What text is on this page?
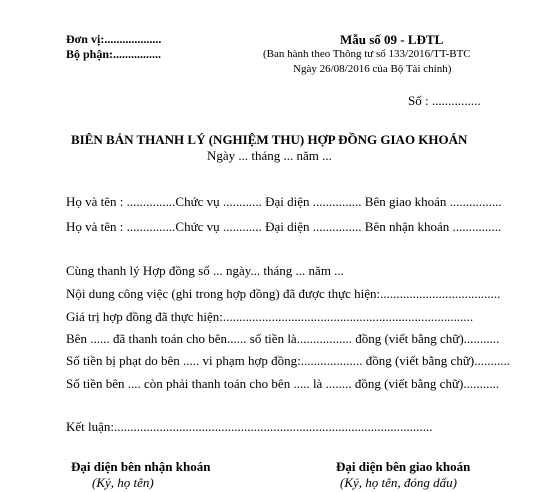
Đơn vị:...................
Bộ phận:................
Mẫu số 09 - LĐTL
(Ban hành theo Thông tư số 133/2016/TT-BTC
Ngày 26/08/2016 của Bộ Tài chính)
Số : ...............
BIÊN BẢN THANH LÝ (NGHIỆM THU) HỢP ĐỒNG GIAO KHOÁN
Ngày ... tháng ... năm ...
Họ và tên : ...............Chức vụ ............ Đại diện ............... Bên giao khoán ................
Họ và tên : ...............Chức vụ ............ Đại diện ............... Bên nhận khoán ...............
Cùng thanh lý Hợp đồng số ... ngày... tháng ... năm ...
Nội dung công việc (ghi trong hợp đồng) đã được thực hiện:.....................................
Giá trị hợp đồng đã thực hiện:.............................................................................
Bên ...... đã thanh toán cho bên...... số tiền là................. đồng (viết bằng chữ)...........
Số tiền bị phạt do bên ..... vi phạm hợp đồng:................... đồng (viết bằng chữ)...........
Số tiền bên .... còn phải thanh toán cho bên ..... là ........ đồng (viết bằng chữ)...........
Kết luận:..................................................................................................
Đại diện bên nhận khoán
(Ký, họ tên)
Đại diện bên giao khoán
(Ký, họ tên, đóng dấu)
